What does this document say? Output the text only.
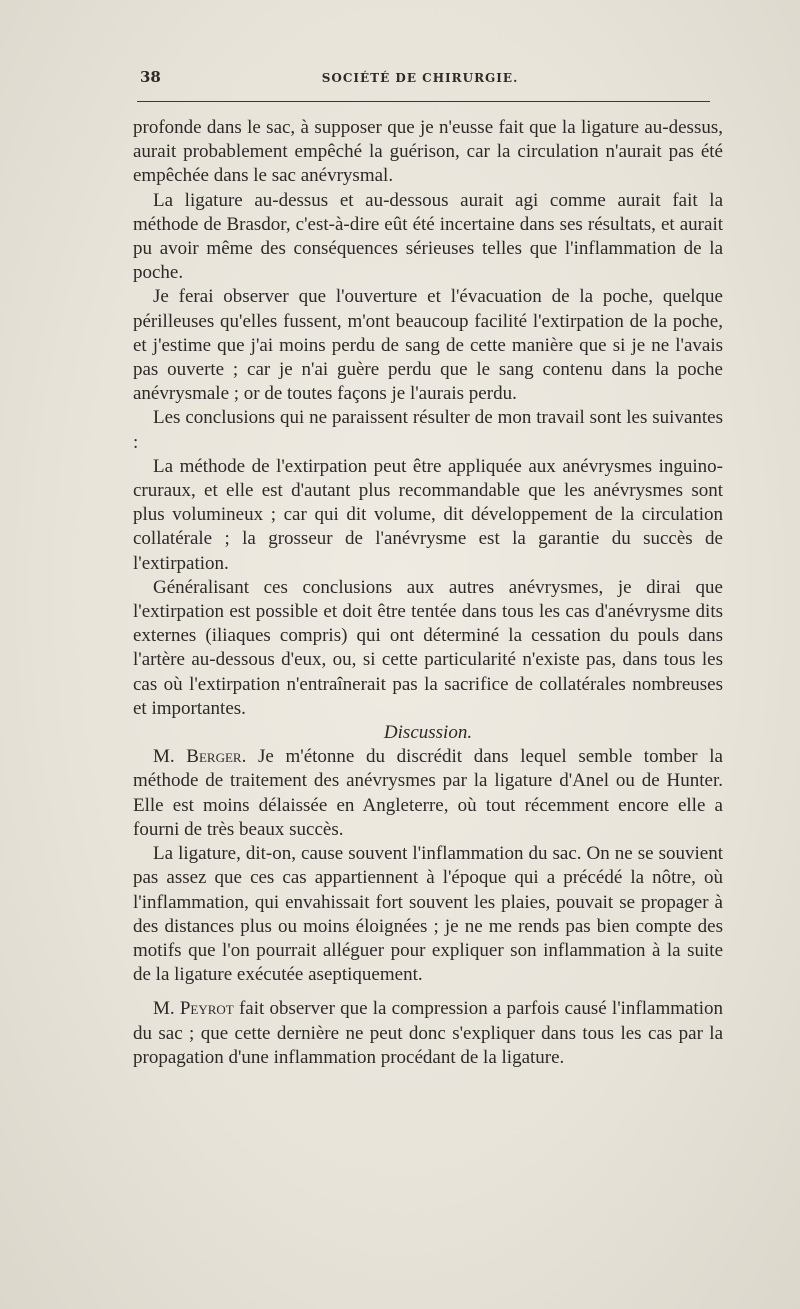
38	SOCIÉTÉ DE CHIRURGIE.

profonde dans le sac, à supposer que je n'eusse fait que la ligature au-dessus, aurait probablement empêché la guérison, car la circulation n'aurait pas été empêchée dans le sac anévrysmal.

La ligature au-dessus et au-dessous aurait agi comme aurait fait la méthode de Brasdor, c'est-à-dire eût été incertaine dans ses résultats, et aurait pu avoir même des conséquences sérieuses telles que l'inflammation de la poche.

Je ferai observer que l'ouverture et l'évacuation de la poche, quelque périlleuses qu'elles fussent, m'ont beaucoup facilité l'extirpation de la poche, et j'estime que j'ai moins perdu de sang de cette manière que si je ne l'avais pas ouverte ; car je n'ai guère perdu que le sang contenu dans la poche anévrysmale ; or de toutes façons je l'aurais perdu.

Les conclusions qui ne paraissent résulter de mon travail sont les suivantes :

La méthode de l'extirpation peut être appliquée aux anévrysmes inguino-cruraux, et elle est d'autant plus recommandable que les anévrysmes sont plus volumineux ; car qui dit volume, dit développement de la circulation collatérale ; la grosseur de l'anévrysme est la garantie du succès de l'extirpation.

Généralisant ces conclusions aux autres anévrysmes, je dirai que l'extirpation est possible et doit être tentée dans tous les cas d'anévrysme dits externes (iliaques compris) qui ont déterminé la cessation du pouls dans l'artère au-dessous d'eux, ou, si cette particularité n'existe pas, dans tous les cas où l'extirpation n'entraînerait pas la sacrifice de collatérales nombreuses et importantes.

Discussion.

M. Berger. Je m'étonne du discrédit dans lequel semble tomber la méthode de traitement des anévrysmes par la ligature d'Anel ou de Hunter. Elle est moins délaissée en Angleterre, où tout récemment encore elle a fourni de très beaux succès.

La ligature, dit-on, cause souvent l'inflammation du sac. On ne se souvient pas assez que ces cas appartiennent à l'époque qui a précédé la nôtre, où l'inflammation, qui envahissait fort souvent les plaies, pouvait se propager à des distances plus ou moins éloignées ; je ne me rends pas bien compte des motifs que l'on pourrait alléguer pour expliquer son inflammation à la suite de la ligature exécutée aseptiquement.

M. Peyrot fait observer que la compression a parfois causé l'inflammation du sac ; que cette dernière ne peut donc s'expliquer dans tous les cas par la propagation d'une inflammation procédant de la ligature.
